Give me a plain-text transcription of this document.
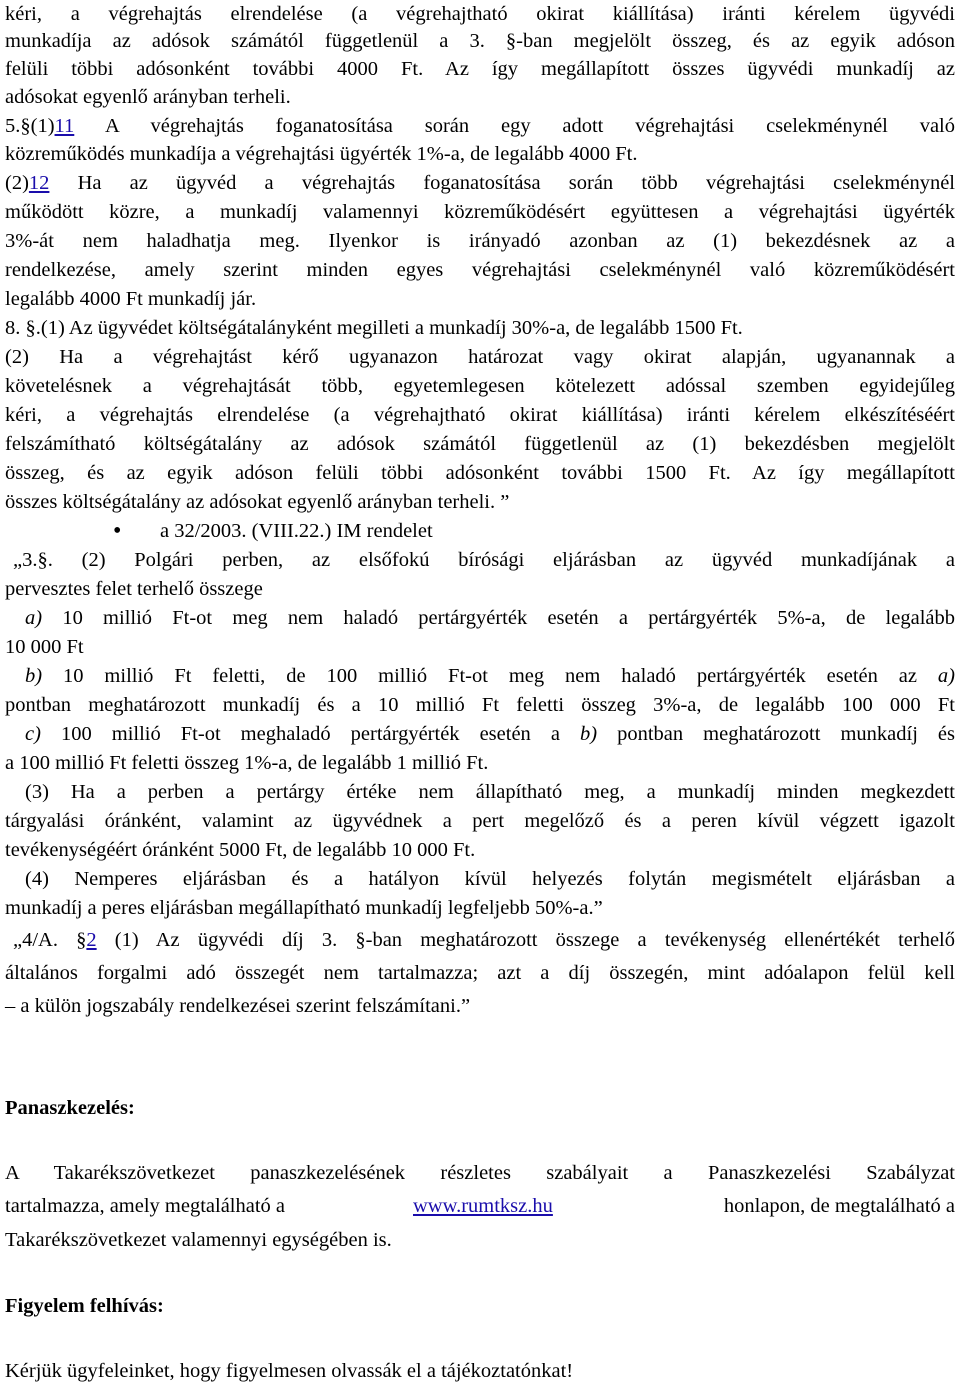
kéri, a végrehajtás elrendelése (a végrehajtható okirat kiállítása) iránti kérelem ügyvédi
munkadíja az adósok számától függetlenül a 3. §-ban megjelölt összeg, és az egyik adóson
felüli többi adósonként további 4000 Ft. Az így megállapított összes ügyvédi munkadíj az
adósokat egyenlő arányban terheli.
5.§(1)11 A végrehajtás foganatosítása során egy adott végrehajtási cselekménynél való
közreműködés munkadíja a végrehajtási ügyérték 1%-a, de legalább 4000 Ft.
(2)12 Ha az ügyvéd a végrehajtás foganatosítása során több végrehajtási cselekménynél
működött közre, a munkadíj valamennyi közreműködésért együttesen a végrehajtási ügyérték
3%-át nem haladhatja meg. Ilyenkor is irányadó azonban az (1) bekezdésnek az a
rendelkezése, amely szerint minden egyes végrehajtási cselekménynél való közreműködésért
legalább 4000 Ft munkadíj jár.
8. §.(1) Az ügyvédet költségátalányként megilleti a munkadíj 30%-a, de legalább 1500 Ft.
(2) Ha a végrehajtást kérő ugyanazon határozat vagy okirat alapján, ugyanannak a
követelésnek a végrehajtását több, egyetemlegesen kötelezett adóssal szemben egyidejűleg
kéri, a végrehajtás elrendelése (a végrehajtható okirat kiállítása) iránti kérelem elkészítéséért
felszámítható költségátalány az adósok számától függetlenül az (1) bekezdésben megjelölt
összeg, és az egyik adóson felüli többi adósonként további 1500 Ft. Az így megállapított
összes költségátalány az adósokat egyenlő arányban terheli. ”
• a 32/2003. (VIII.22.) IM rendelet
„3.§. (2) Polgári perben, az elsőfokú bírósági eljárásban az ügyvéd munkadíjának a
pervesztes felet terhelő összege
a) 10 millió Ft-ot meg nem haladó pertárgyérték esetén a pertárgyérték 5%-a, de legalább
10 000 Ft
b) 10 millió Ft feletti, de 100 millió Ft-ot meg nem haladó pertárgyérték esetén az a)
pontban meghatározott munkadíj és a 10 millió Ft feletti összeg 3%-a, de legalább 100 000 Ft
c) 100 millió Ft-ot meghaladó pertárgyérték esetén a b) pontban meghatározott munkadíj és
a 100 millió Ft feletti összeg 1%-a, de legalább 1 millió Ft.
(3) Ha a perben a pertárgy értéke nem állapítható meg, a munkadíj minden megkezdett
tárgyalási óránként, valamint az ügyvédnek a pert megelőző és a peren kívül végzett igazolt
tevékenységéért óránként 5000 Ft, de legalább 10 000 Ft.
(4) Nemperes eljárásban és a hatályon kívül helyezés folytán megismételt eljárásban a
munkadíj a peres eljárásban megállapítható munkadíj legfeljebb 50%-a.”
„4/A. §2 (1) Az ügyvédi díj 3. §-ban meghatározott összege a tevékenység ellenértékét terhelő
általános forgalmi adó összegét nem tartalmazza; azt a díj összegén, mint adóalapon felül kell
– a külön jogszabály rendelkezései szerint felszámítani.”
Panaszkezelés:
A Takarékszövetkezet panaszkezelésének részletes szabályait a Panaszkezelési Szabályzat
tartalmazza, amely megtalálható a	www.rumtksz.hu	honlapon, de megtalálható a
Takarékszövetkezet valamennyi egységében is.
Figyelem felhívás:
Kérjük ügyfeleinket, hogy figyelmesen olvassák el a tájékoztatónkat!
